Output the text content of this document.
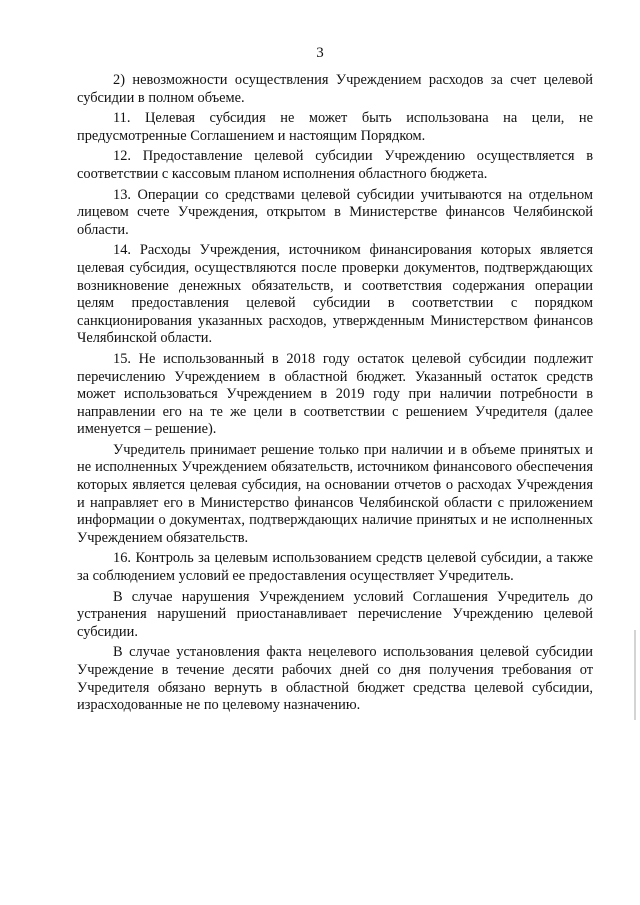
3

2) невозможности осуществления Учреждением расходов за счет целевой субсидии в полном объеме.

11. Целевая субсидия не может быть использована на цели, не предусмотренные Соглашением и настоящим Порядком.

12. Предоставление целевой субсидии Учреждению осуществляется в соответствии с кассовым планом исполнения областного бюджета.

13. Операции со средствами целевой субсидии учитываются на отдельном лицевом счете Учреждения, открытом в Министерстве финансов Челябинской области.

14. Расходы Учреждения, источником финансирования которых является целевая субсидия, осуществляются после проверки документов, подтверждающих возникновение денежных обязательств, и соответствия содержания операции целям предоставления целевой субсидии в соответствии с порядком санкционирования указанных расходов, утвержденным Министерством финансов Челябинской области.

15. Не использованный в 2018 году остаток целевой субсидии подлежит перечислению Учреждением в областной бюджет. Указанный остаток средств может использоваться Учреждением в 2019 году при наличии потребности в направлении его на те же цели в соответствии с решением Учредителя (далее именуется – решение).

Учредитель принимает решение только при наличии и в объеме принятых и не исполненных Учреждением обязательств, источником финансового обеспечения которых является целевая субсидия, на основании отчетов о расходах Учреждения и направляет его в Министерство финансов Челябинской области с приложением информации о документах, подтверждающих наличие принятых и не исполненных Учреждением обязательств.

16. Контроль за целевым использованием средств целевой субсидии, а также за соблюдением условий ее предоставления осуществляет Учредитель.

В случае нарушения Учреждением условий Соглашения Учредитель до устранения нарушений приостанавливает перечисление Учреждению целевой субсидии.

В случае установления факта нецелевого использования целевой субсидии Учреждение в течение десяти рабочих дней со дня получения требования от Учредителя обязано вернуть в областной бюджет средства целевой субсидии, израсходованные не по целевому назначению.
